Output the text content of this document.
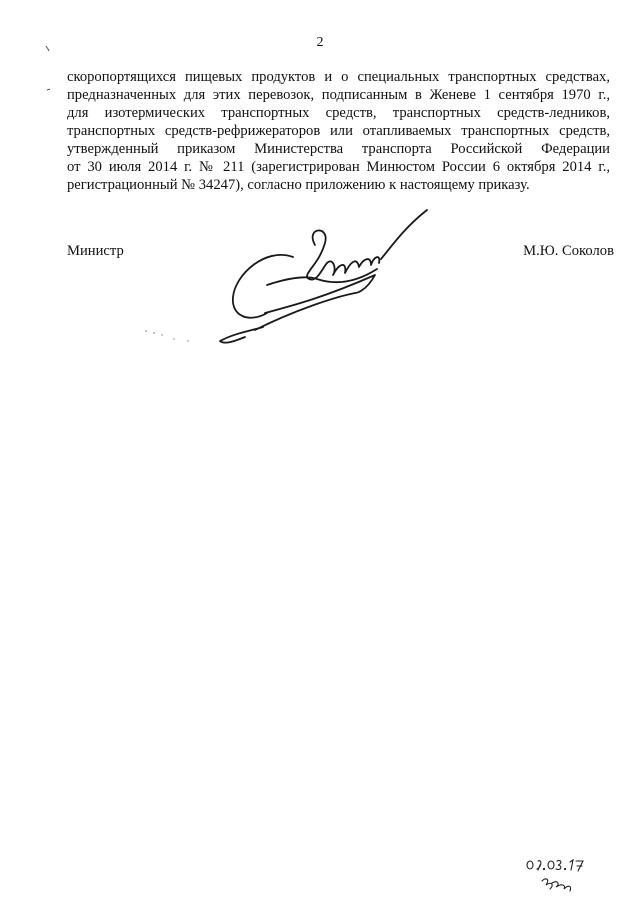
2
скоропортящихся пищевых продуктов и о специальных транспортных средствах,
предназначенных для этих перевозок, подписанным в Женеве 1 сентября 1970 г.,
для изотермических транспортных средств, транспортных средств-ледников,
транспортных средств-рефрижераторов или отапливаемых транспортных средств,
утвержденный приказом Министерства транспорта Российской Федерации
от 30 июля 2014 г. № 211 (зарегистрирован Минюстом России 6 октября 2014 г.,
регистрационный № 34247), согласно приложению к настоящему приказу.
Министр	М.Ю. Соколов
